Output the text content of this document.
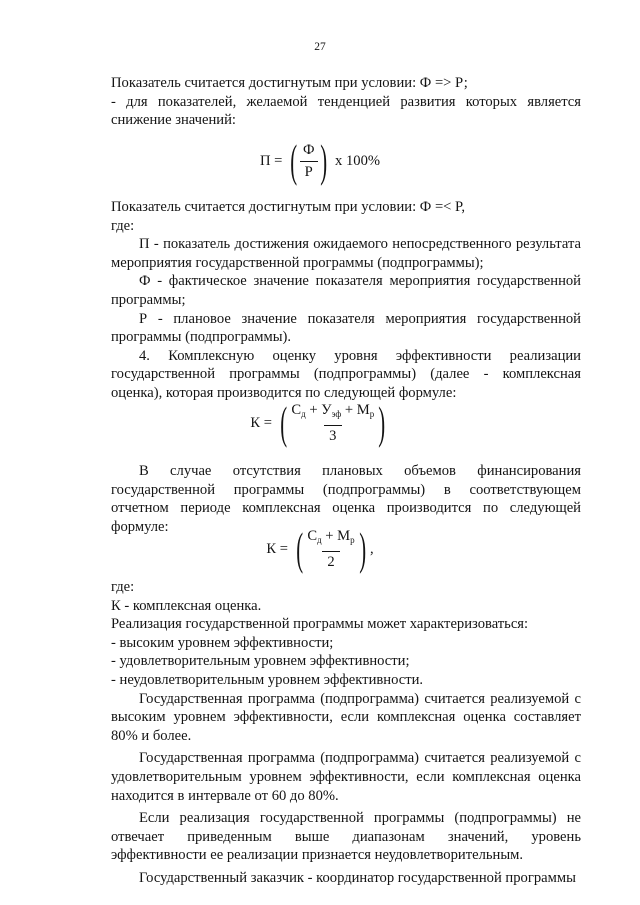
27

Показатель считается достигнутым при условии: Ф => Р;

- для показателей, желаемой тенденцией развития которых является снижение значений:

П = ( $\frac{Ф}{Р}$ ) х 100%

Показатель считается достигнутым при условии: Ф =< Р,

где:

П - показатель достижения ожидаемого непосредственного результата мероприятия государственной программы (подпрограммы);

Ф - фактическое значение показателя мероприятия государственной программы;

Р - плановое значение показателя мероприятия государственной программы (подпрограммы).

4. Комплексную оценку уровня эффективности реализации государственной программы (подпрограммы) (далее - комплексная оценка), которая производится по следующей формуле:

К = ( $\frac{С_д + У_{эф} + М_р}{3}$ )

В случае отсутствия плановых объемов финансирования государственной программы (подпрограммы) в соответствующем отчетном периоде комплексная оценка производится по следующей формуле:

К = ( $\frac{С_д + М_р}{2}$ ) ,

где:

К - комплексная оценка.

Реализация государственной программы может характеризоваться:

- высоким уровнем эффективности;

- удовлетворительным уровнем эффективности;

- неудовлетворительным уровнем эффективности.

Государственная программа (подпрограмма) считается реализуемой с высоким уровнем эффективности, если комплексная оценка составляет 80% и более.

Государственная программа (подпрограмма) считается реализуемой с удовлетворительным уровнем эффективности, если комплексная оценка находится в интервале от 60 до 80%.

Если реализация государственной программы (подпрограммы) не отвечает приведенным выше диапазонам значений, уровень эффективности ее реализации признается неудовлетворительным.

Государственный заказчик - координатор государственной программы
